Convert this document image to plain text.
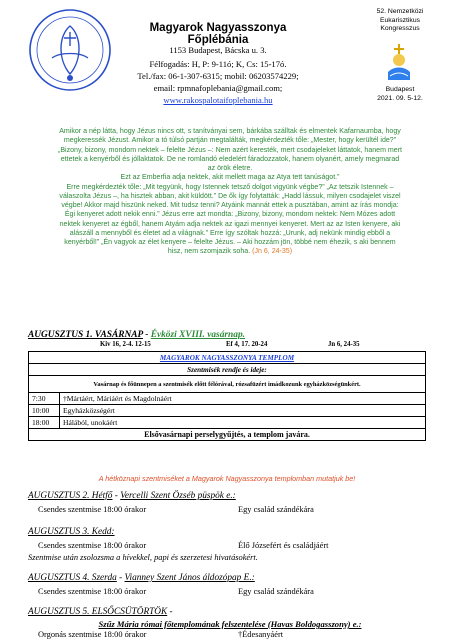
Magyarok Nagyasszonya Főplébánia
1153 Budapest, Bácska u. 3.
Félfogadás: H, P: 9-11ó; K, Cs: 15-17ó.
Tel./fax: 06-1-307-6315; mobil: 06203574229;
email: rpmnafoplebania@gmail.com;
www.rakospalotaifoplebania.hu
52. Nemzetközi
Eukarisztikus
Kongresszus
Budapest
2021. 09. 5-12.

Amikor a nép látta, hogy Jézus nincs ott, s tanítványai sem, bárkába szálltak és elmentek Kafarnaumba, hogy megkeressék Jézust. Amikor a tó túlsó partján megtalálták, megkérdezték tőle: „Mester, hogy kerültél ide?” „Bizony, bizony, mondom nektek – felelte Jézus –: Nem azért keresték, mert csodajeleket láttatok, hanem mert ettetek a kenyérből és jóllaktatok. De ne romlandó eledelért fáradozzatok, hanem olyanért, amely megmarad az örök életre.

Ezt az Emberfia adja nektek, akit mellett maga az Atya tett tanúságot.”

Erre megkérdezték tőle: „Mit tegyünk, hogy Istennek tetsző dolgot vigyünk végbe?” „Az tetszik Istennek – válaszolta Jézus –, ha hisztek abban, akit küldött.” De ők így folytatták: „Hadd lássuk, milyen csodajelet viszel végbe! Akkor majd hiszünk neked. Mit tudsz tenni? Atyáink mannát ettek a pusztában, amint az írás mondja:

Égi kenyeret adott nekik enni.” Jézus erre azt mondta: „Bizony, bizony, mondom nektek: Nem Mózes adott nektek kenyeret az égből, hanem Atyám adja nektek az igazi mennyei kenyeret. Mert az az Isten kenyere, aki alászáll a mennyből és életet ad a világnak.” Erre így szóltak hozzá: „Urunk, adj nekünk mindig ebből a kenyérből!” „Én vagyok az élet kenyere – felelte Jézus. – Aki hozzám jön, többé nem éhezik, s aki bennem hisz, nem szomjazik soha. (Jn 6, 24-35)

AUGUSZTUS 1. VASÁRNAP - Évközi XVIII. vasárnap.
Kiv 16, 2-4. 12-15	Ef 4, 17. 20-24	Jn 6, 24-35
MAGYAROK NAGYASSZONYA TEMPLOM	
Szentmisék rendje és ideje:	
Vasárnap és főünnepen a szentmisék előtt félórával, rózsafüzért imádkozunk egyházközségünkért.	
7:30	†Mártáért, Máriáért és Magdolnáért
10:00	Egyházközségért
18:00	Hálából, unokáért
Elsővasárnapi perselygyűjtés, a templom javára.	
A hétköznapi szentmiséket a Magyarok Nagyasszonya templomban mutatjuk be!
AUGUSZTUS 2. Hétfő - Vercelli Szent Özséb püspök e.:
Csendes szentmise 18:00 órakor	Egy család szándékára
AUGUSZTUS 3. Kedd:
Csendes szentmise 18:00 órakor	Élő Józsefért és családjáért
Szentmise után zsolozsma a hívekkel, papi és szerzetesi hivatásokért.
AUGUSZTUS 4. Szerda - Vianney Szent János áldozópap E.:
Csendes szentmise 18:00 órakor	Egy család szándékára
AUGUSZTUS 5. ELSŐCSÜTÖRTÖK -
Szűz Mária római főtemplomának felszentelése (Havas Boldogasszony) e.:
Orgonás szentmise 18:00 órakor	†Édesanyáért
